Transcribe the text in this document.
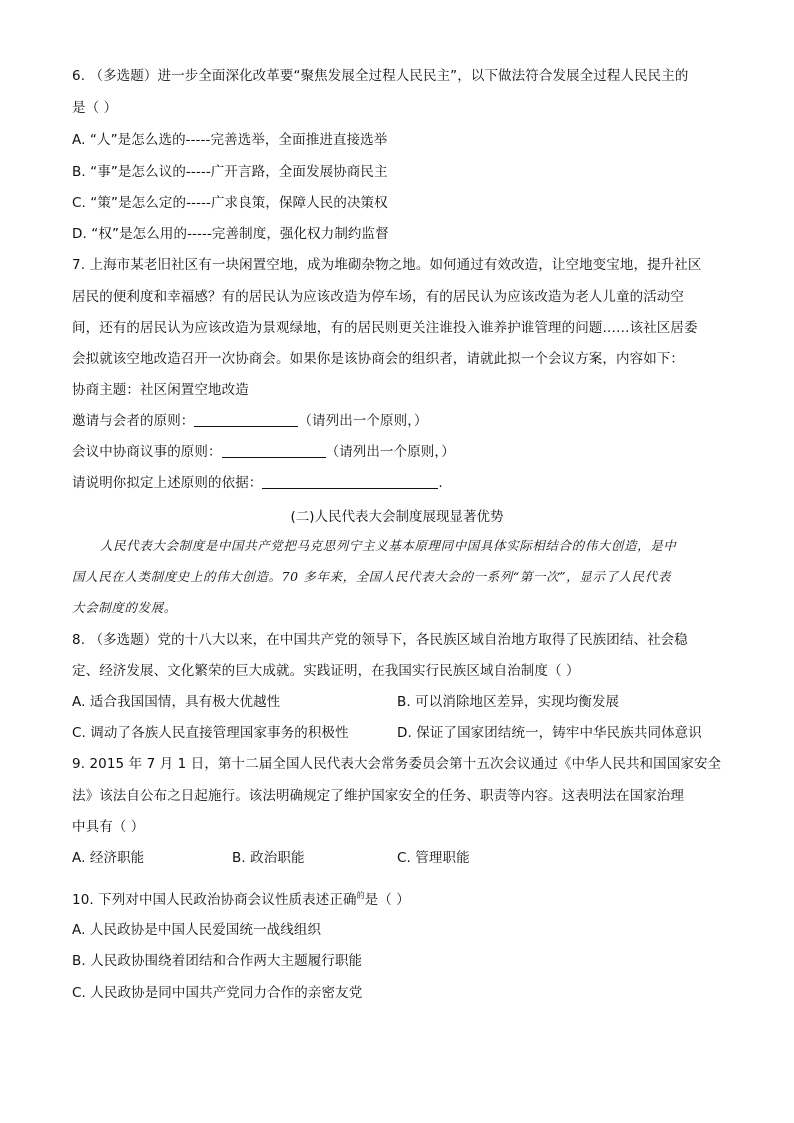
6. （多选题）进一步全面深化改革要“聚焦发展全过程人民民主”，以下做法符合发展全过程人民民主的
是（ ）
A. “人”是怎么选的-----完善选举，全面推进直接选举
B. “事”是怎么议的-----广开言路，全面发展协商民主
C. “策”是怎么定的-----广求良策，保障人民的决策权
D. “权”是怎么用的-----完善制度，强化权力制约监督
7. 上海市某老旧社区有一块闲置空地，成为堆砌杂物之地。如何通过有效改造，让空地变宝地，提升社区
居民的便利度和幸福感？有的居民认为应该改造为停车场，有的居民认为应该改造为老人儿童的活动空
间，还有的居民认为应该改造为景观绿地，有的居民则更关注谁投入谁养护谁管理的问题……该社区居委
会拟就该空地改造召开一次协商会。如果你是该协商会的组织者，请就此拟一个会议方案，内容如下：
协商主题：社区闲置空地改造
邀请与会者的原则：	（请列出一个原则，）
会议中协商议事的原则：	（请列出一个原则，）
请说明你拟定上述原则的依据：	.
(二)人民代表大会制度展现显著优势
人民代表大会制度是中国共产党把马克思列宁主义基本原理同中国具体实际相结合的伟大创造，是中
国人民在人类制度史上的伟大创造。70 多年来，全国人民代表大会的一系列“第一次”，显示了人民代表
大会制度的发展。
8. （多选题）党的十八大以来，在中国共产党的领导下，各民族区域自治地方取得了民族团结、社会稳
定、经济发展、文化繁荣的巨大成就。实践证明，在我国实行民族区域自治制度（ ）
A. 适合我国国情，具有极大优越性	B. 可以消除地区差异，实现均衡发展
C. 调动了各族人民直接管理国家事务的积极性	D. 保证了国家团结统一，铸牢中华民族共同体意识
9. 2015 年 7 月 1 日，第十二届全国人民代表大会常务委员会第十五次会议通过《中华人民共和国国家安全
法》该法自公布之日起施行。该法明确规定了维护国家安全的任务、职责等内容。这表明法在国家治理
中具有（ ）
A. 经济职能	B. 政治职能	C. 管理职能
10. 下列对中国人民政治协商会议性质表述正确$^的$是（ ）
A. 人民政协是中国人民爱国统一战线组织
B. 人民政协围绕着团结和合作两大主题履行职能
C. 人民政协是同中国共产党同力合作的亲密友党
